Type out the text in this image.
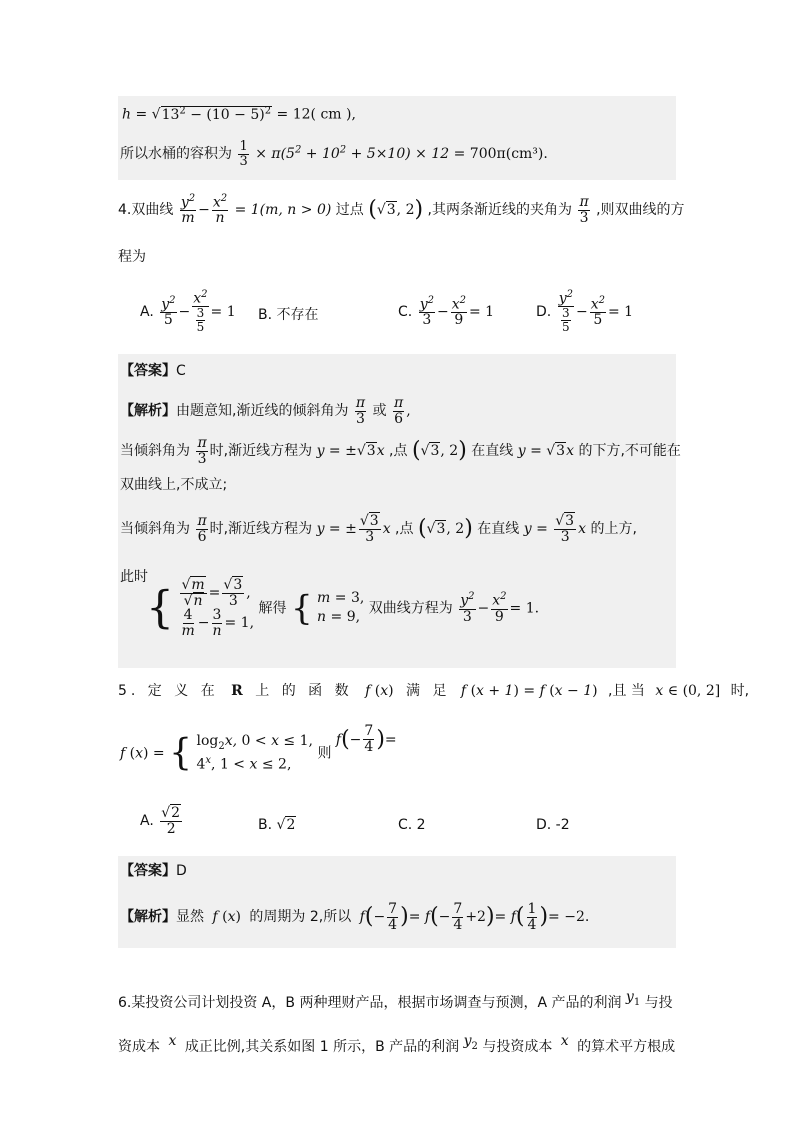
$h = √13^2 - (10 - 5)^2 = 12$( cm ),
所以水桶的容积为 $\frac{1}{3} \times \pi(5^2 + 10^2 + 5\times 10) \times 12 = 700\pi(cm^3)$.
4.双曲线 $\frac{y^2}{m} - \frac{x^2}{n} = 1(m$, n > 0) 过点 (√3, 2) ,其两条渐近线的夹角为 $\frac{\pi}{3}$ ,则双曲线的方
程为
A. $\frac{y^2}{5} - \frac{x^2}{\frac{3}{5}} = 1$ B. 不存在	C. $\frac{y^2}{3} - \frac{x^2}{9} = 1$	D. $\frac{y^2}{\frac{3}{5}} - \frac{x^2}{5} = 1$
【答案】C
【解析】由题意知,渐近线的倾斜角为 $\frac{\pi}{3}$ 或 $\frac{\pi}{6}$ ,
当倾斜角为 $\frac{\pi}{3}$ 时,渐近线方程为 y = ±√3x ,点 (√3, 2) 在直线 y = √3x 的下方,不可能在
双曲线上,不成立;
当倾斜角为 $\frac{\pi}{6}$ 时,渐近线方程为 y = ± $\frac{√3}{3}$ x ,点 (√3, 2) 在直线 $y = \frac{√3}{3}$ x 的上方,
此时
{ $\frac{√m}{√n} = \frac{√3}{3}$ ,
$\frac{4}{m} - \frac{3}{n} = 1$,
解得 { m = 3,
n = 9,
双曲线方程为 $\frac{y^2}{3} - \frac{x^2}{9} = 1$.
5. 定 义 在 R 上 的 函 数 f (x) 满 足 f (x + 1) = f (x − 1) ,且 当 x ∈ (0, 2] 时,
f (x) = { $\log_2x$, 0 < x ≤ 1,
4$^x$, 1 < x ≤ 2,
则 $f(- \frac{7}{4}$ )=
A. $\frac{√2}{2}$	B. √2	C. 2	D. -2
【答案】D
【解析】显然 f (x) 的周期为 2,所以 $f(- \frac{7}{4}$ )= $f(- \frac{7}{4} +2)= f( \frac{1}{4}$ )= −2.
6.某投资公司计划投资 A，B 两种理财产品，根据市场调查与预测，A 产品的利润 $y_1$ 与投
资成本 x 成正比例,其关系如图 1 所示，B 产品的利润 $y_2$ 与投资成本 x 的算术平方根成
